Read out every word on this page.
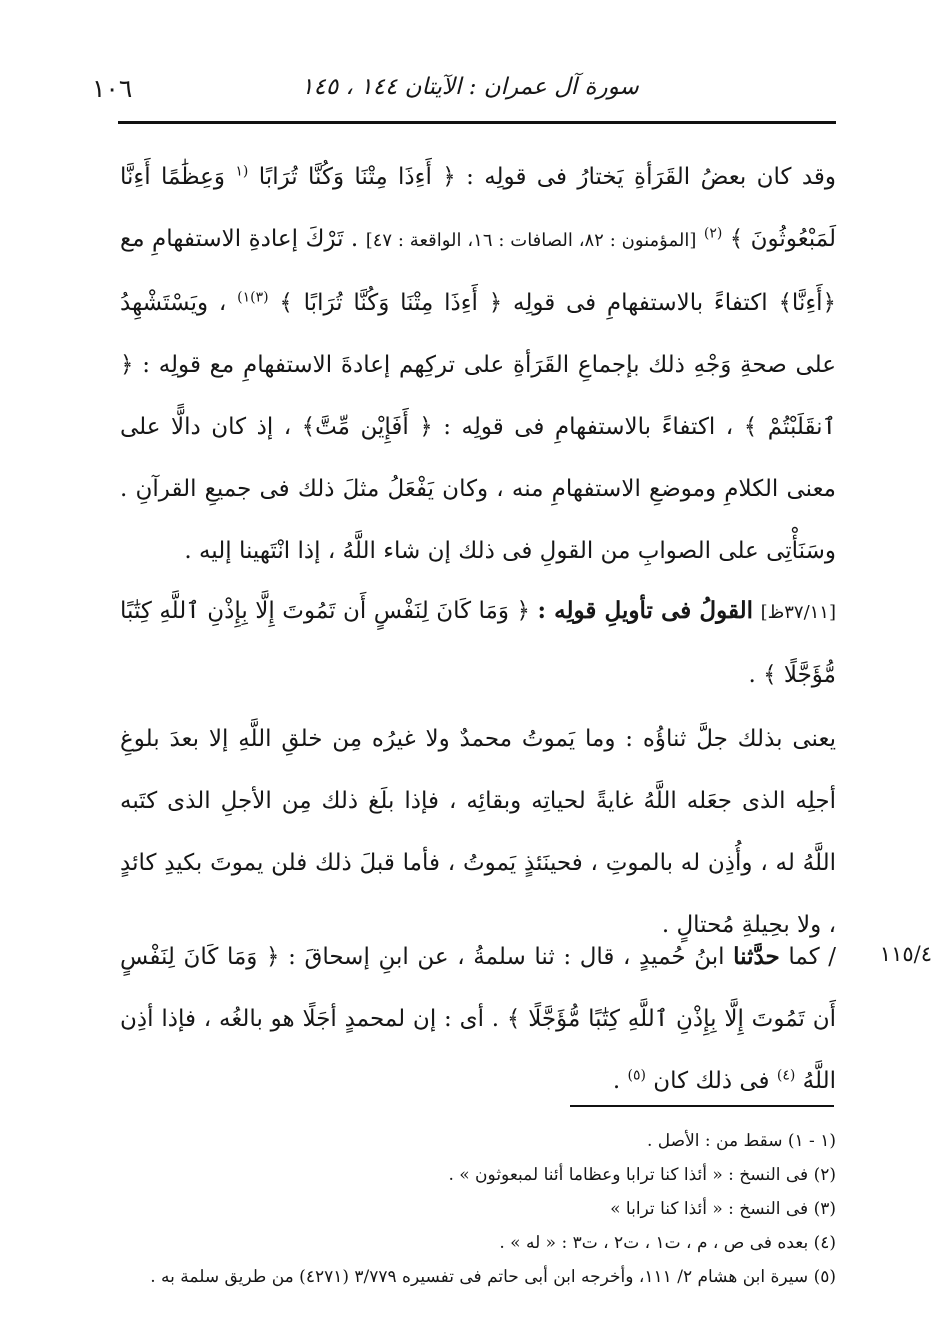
١٠٦	سورة آل عمران : الآيتان ١٤٤ ، ١٤٥

وقد كان بعضُ القَرَأةِ يَختارُ فى قولِه : ﴿ أَءِذَا مِتْنَا وَكُنَّا تُرَابًا $^{(١}$ وَعِظَٰمًا أَءِنَّا لَمَبْعُوثُونَ ﴾ $^{(٢)}$ [المؤمنون : ٨٢، الصافات : ١٦، الواقعة : ٤٧] . تَرْكَ إعادةِ الاستفهامِ مع ﴿أَءِنَّا﴾ اكتفاءً بالاستفهامِ فى قولِه ﴿ أَءِذَا مِتْنَا وَكُنَّا تُرَابًا ﴾ $^{(٣)١)}$ ، ويَسْتَشْهِدُ على صحةِ وَجْهِ ذلك بإجماعِ القَرَأةِ على تركِهم إعادةَ الاستفهامِ مع قولِه : ﴿ ٱنقَلَبْتُمْ ﴾ ، اكتفاءً بالاستفهامِ فى قولِه : ﴿ أَفَإِيْن مِّتَّ﴾ ، إذ كان دالًّا على معنى الكلامِ وموضعِ الاستفهامِ منه ، وكان يَفْعَلُ مثلَ ذلك فى جميعِ القرآنِ . وسَنَأْتِى على الصوابِ من القولِ فى ذلك إن شاء اللَّهُ ، إذا انْتَهينا إليه .

[٣٧/١١ظ] القولُ فى تأويلِ قولِه : ﴿ وَمَا كَانَ لِنَفْسٍ أَن تَمُوتَ إِلَّا بِإِذْنِ ٱللَّهِ كِتَٰبًا مُّؤَجَّلًا ﴾ .

يعنى بذلك جلَّ ثناؤُه : وما يَموتُ محمدٌ ولا غيرُه مِن خلقِ اللَّهِ إلا بعدَ بلوغِ أجلِه الذى جعَله اللَّهُ غايةً لحياتِه وبقائِه ، فإذا بلَغ ذلك مِن الأجلِ الذى كتَبه اللَّهُ له ، وأُذِن له بالموتِ ، فحينَئذٍ يَموتُ ، فأما قبلَ ذلك فلن يموتَ بكيدِ كائدٍ ، ولا بحِيلةِ مُحتالٍ .

١١٥/٤

/ كما حدَّثنا ابنُ حُميدٍ ، قال : ثنا سلمةُ ، عن ابنِ إسحاقَ : ﴿ وَمَا كَانَ لِنَفْسٍ أَن تَمُوتَ إِلَّا بِإِذْنِ ٱللَّهِ كِتَٰبًا مُّؤَجَّلًا ﴾ . أى : إن لمحمدٍ أجَلًا هو بالغُه ، فإذا أذِن اللَّهُ $^{(٤)}$ فى ذلك كان $^{(٥)}$ .

(١ - ١) سقط من : الأصل .
(٢) فى النسخ : « أئذا كنا ترابا وعظاما أئنا لمبعوثون » .
(٣) فى النسخ : « أئذا كنا ترابا »
(٤) بعده فى ص ، م ، ت١ ، ت٢ ، ت٣ : « له » .
(٥) سيرة ابن هشام ٢/ ١١١، وأخرجه ابن أبى حاتم فى تفسيره ٣/٧٧٩ (٤٢٧١) من طريق سلمة به .
